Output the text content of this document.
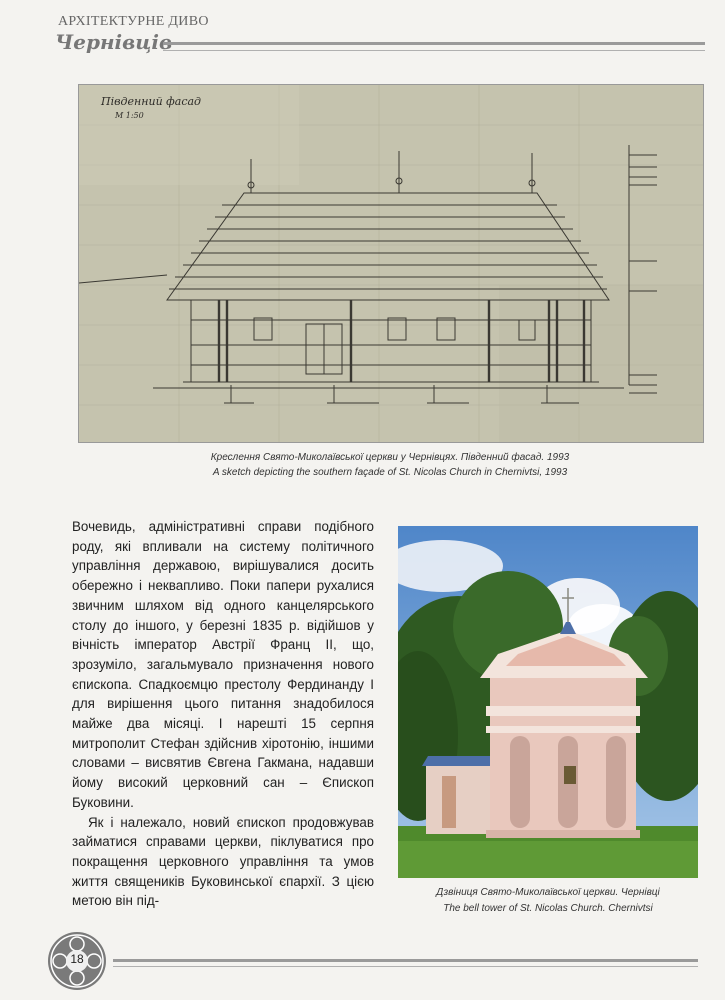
АРХІТЕКТУРНЕ ДИВО
Чернівців
Південний фасад
М 1:50
Креслення Свято-Миколаївської церкви у Чернівцях. Південний фасад. 1993
A sketch depicting the southern façade of St. Nicolas Church in Chernivtsi, 1993

Вочевидь, адміністративні справи подібного роду, які впливали на систему політичного управління державою, вирішувалися досить обережно і неквапливо. Поки папери рухалися звичним шляхом від одного канцелярського столу до іншого, у березні 1835 р. відійшов у вічність імператор Австрії Франц II, що, зрозуміло, загальмувало призначення нового єпископа. Спадкоємцю престолу Фердинанду І для вирішення цього питання знадобилося майже два місяці. І нарешті 15 серпня митрополит Стефан здійснив хіротонію, іншими словами – висвятив Євгена Гакмана, надавши йому високий церковний сан – Єпископ Буковини.

Як і належало, новий єпископ продовжував займатися справами церкви, піклуватися про покращення церковного управління та умов життя священиків Буковинської єпархії. З цією метою він під-

Дзвіниця Свято-Миколаївської церкви. Чернівці
The bell tower of St. Nicolas Church. Chernivtsi
18
